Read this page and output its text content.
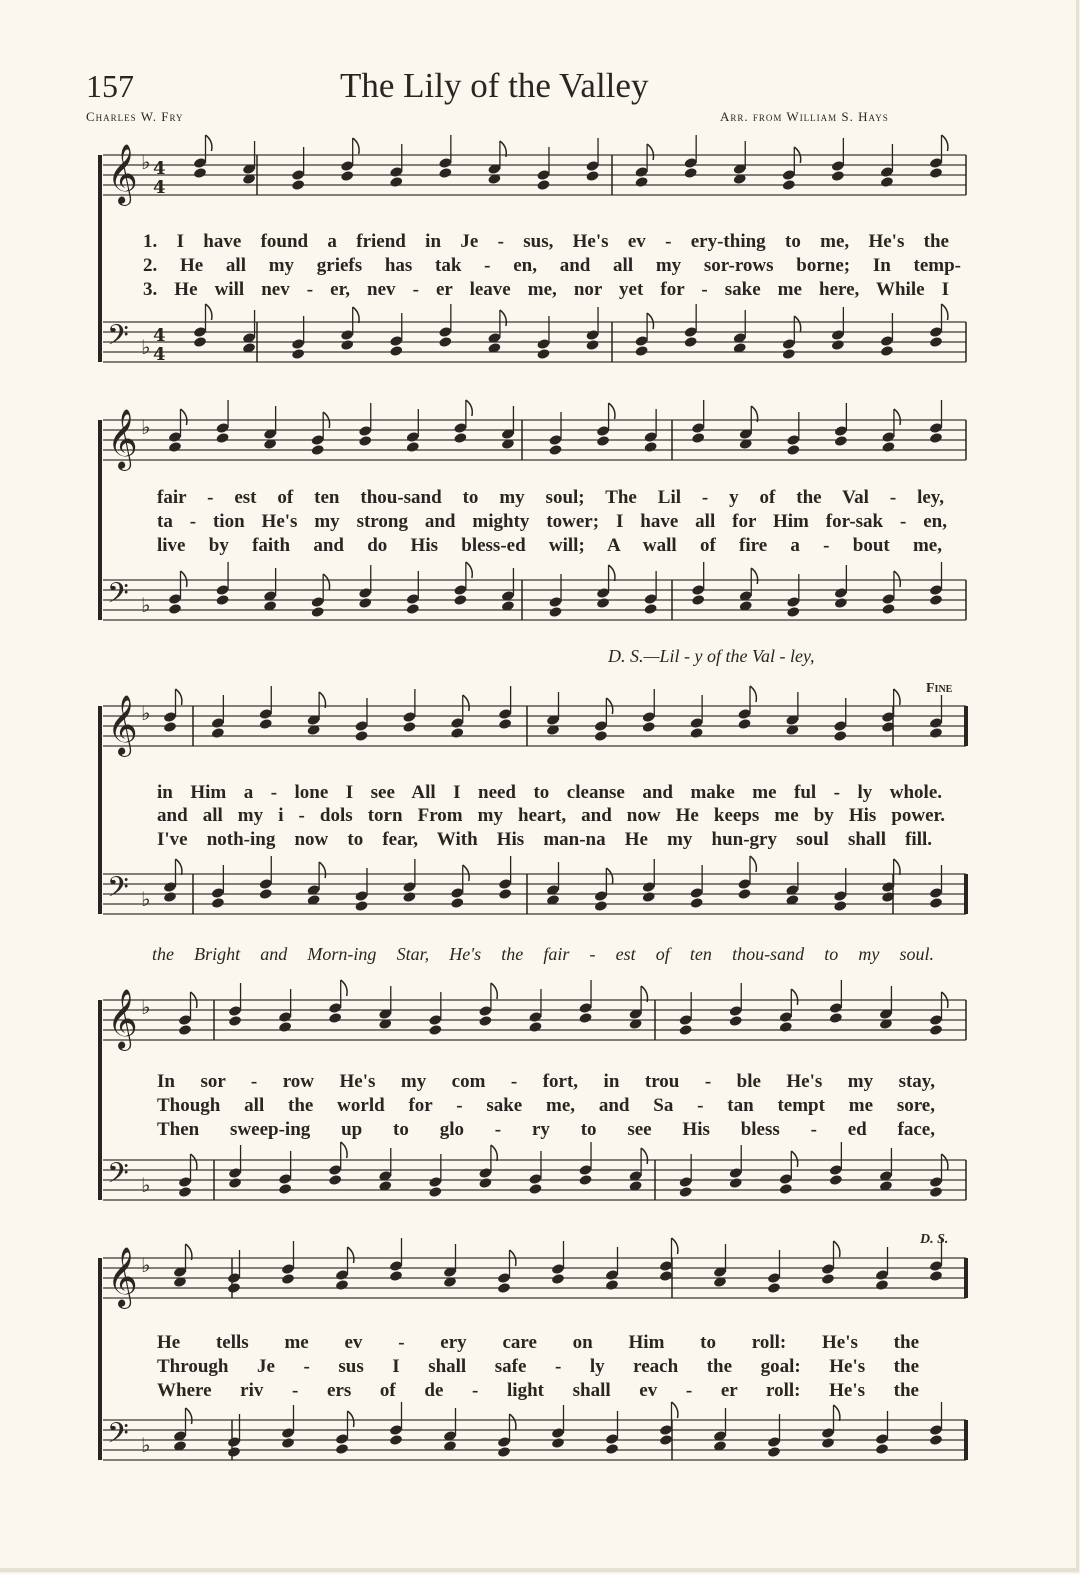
157	The Lily of the Valley
Charles W. Fry	Arr. from William S. Hays
𝄞 ♭ 4
4
𝄢 ♭ 4
4
𝄞 ♭
𝄢 ♭
𝄞 ♭
𝄢 ♭
𝄞 ♭
𝄢 ♭
𝄞 ♭
𝄢 ♭
1. I have found a friend in Je - sus, He's ev - ery-thing to me, He's the
2. He all my griefs has tak - en, and all my sor-rows borne; In temp-
3. He will nev - er, nev - er leave me, nor yet for - sake me here, While I
fair - est of ten thou-sand to my soul; The Lil - y of the Val - ley,
ta - tion He's my strong and mighty tower; I have all for Him for-sak - en,
live by faith and do His bless-ed will; A wall of fire a - bout me,
D. S.—Lil - y of the Val - ley,
Fine
in Him a - lone I see All I need to cleanse and make me ful - ly whole.
and all my i - dols torn From my heart, and now He keeps me by His power.
I've noth-ing now to fear, With His man-na He my hun-gry soul shall fill.
the Bright and Morn-ing Star, He's the fair - est of ten thou-sand to my soul.
In sor - row He's my com - fort, in trou - ble He's my stay,
Though all the world for - sake me, and Sa - tan tempt me sore,
Then sweep-ing up to glo - ry to see His bless - ed face,
D. S.
He tells me ev - ery care on Him to roll: He's the
Through Je - sus I shall safe - ly reach the goal: He's the
Where riv - ers of de - light shall ev - er roll: He's the
